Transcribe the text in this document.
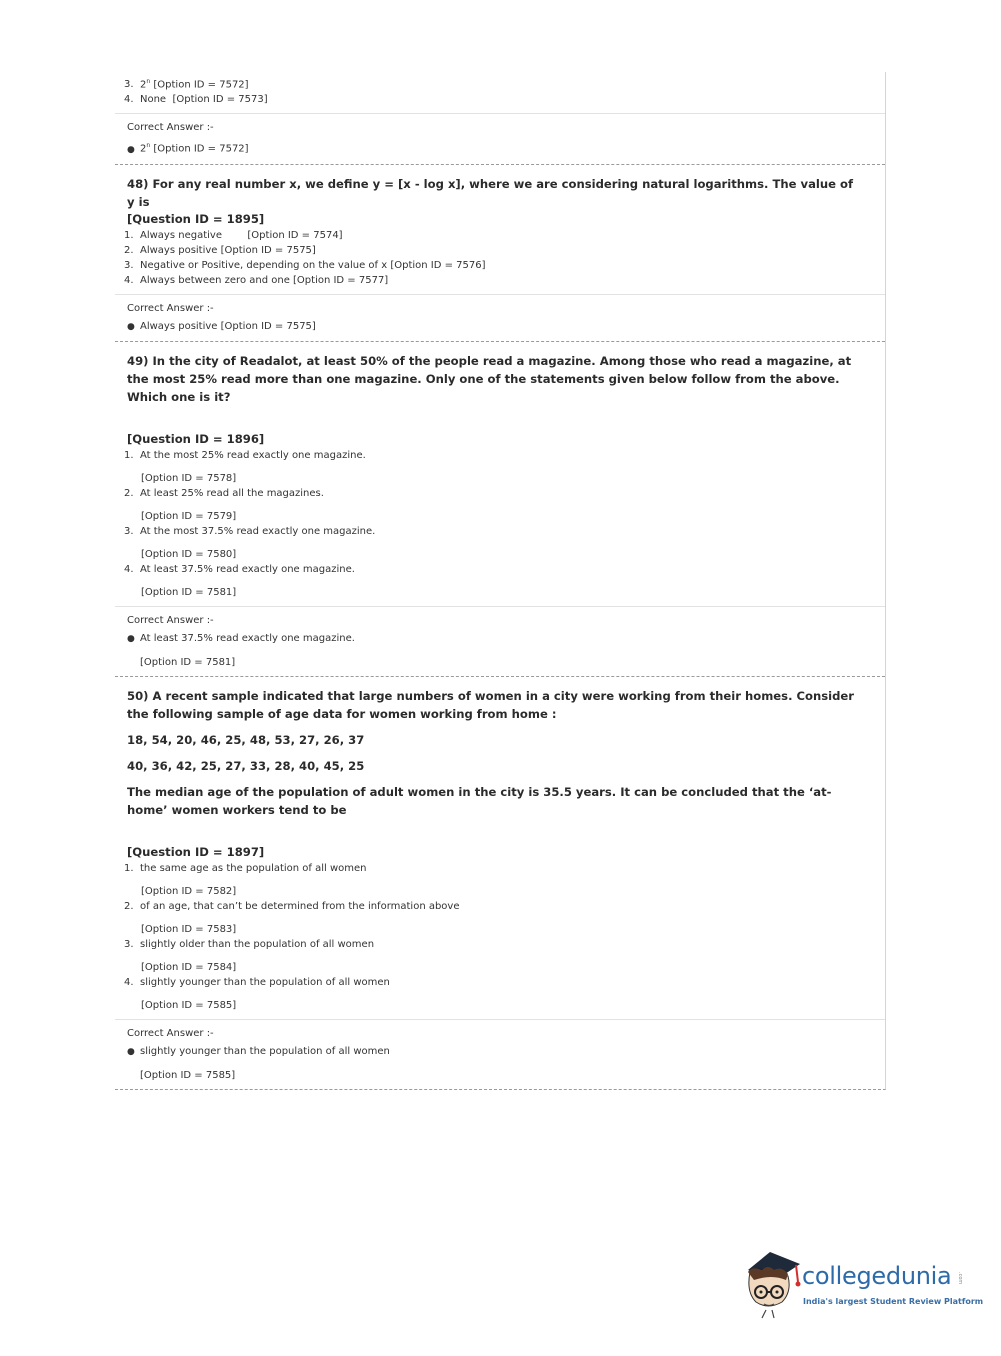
3. 2$^n$ [Option ID = 7572]
4. None  [Option ID = 7573]
Correct Answer :-
● 2$^n$ [Option ID = 7572]
48) For any real number x, we define y = [x - log x], where we are considering natural logarithms. The value of y is
[Question ID = 1895]
1. Always negative        [Option ID = 7574]
2. Always positive [Option ID = 7575]
3. Negative or Positive, depending on the value of x [Option ID = 7576]
4. Always between zero and one [Option ID = 7577]
Correct Answer :-
● Always positive [Option ID = 7575]
49) In the city of Readalot, at least 50% of the people read a magazine. Among those who read a magazine, at the most 25% read more than one magazine. Only one of the statements given below follow from the above. Which one is it?
[Question ID = 1896]
1. At the most 25% read exactly one magazine.
[Option ID = 7578]
2. At least 25% read all the magazines.
[Option ID = 7579]
3. At the most 37.5% read exactly one magazine.
[Option ID = 7580]
4. At least 37.5% read exactly one magazine.
[Option ID = 7581]
Correct Answer :-
● At least 37.5% read exactly one magazine.
[Option ID = 7581]
50) A recent sample indicated that large numbers of women in a city were working from their homes. Consider the following sample of age data for women working from home :
18, 54, 20, 46, 25, 48, 53, 27, 26, 37
40, 36, 42, 25, 27, 33, 28, 40, 45, 25
The median age of the population of adult women in the city is 35.5 years. It can be concluded that the ‘at-home’ women workers tend to be
[Question ID = 1897]
1. the same age as the population of all women
[Option ID = 7582]
2. of an age, that can’t be determined from the information above
[Option ID = 7583]
3. slightly older than the population of all women
[Option ID = 7584]
4. slightly younger than the population of all women
[Option ID = 7585]
Correct Answer :-
● slightly younger than the population of all women
[Option ID = 7585]
collegedunia .com
India's largest Student Review Platform
